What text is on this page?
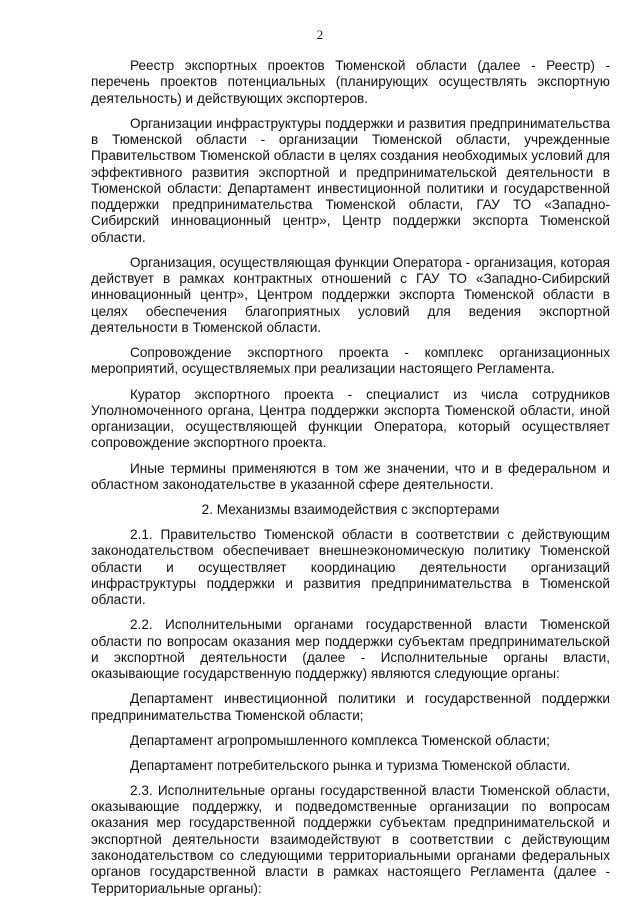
2

Реестр экспортных проектов Тюменской области (далее - Реестр) - перечень проектов потенциальных (планирующих осуществлять экспортную деятельность) и действующих экспортеров.

Организации инфраструктуры поддержки и развития предпринимательства в Тюменской области - организации Тюменской области, учрежденные Правительством Тюменской области в целях создания необходимых условий для эффективного развития экспортной и предпринимательской деятельности в Тюменской области: Департамент инвестиционной политики и государственной поддержки предпринимательства Тюменской области, ГАУ ТО «Западно-Сибирский инновационный центр», Центр поддержки экспорта Тюменской области.

Организация, осуществляющая функции Оператора - организация, которая действует в рамках контрактных отношений с ГАУ ТО «Западно-Сибирский инновационный центр», Центром поддержки экспорта Тюменской области в целях обеспечения благоприятных условий для ведения экспортной деятельности в Тюменской области.

Сопровождение экспортного проекта - комплекс организационных мероприятий, осуществляемых при реализации настоящего Регламента.

Куратор экспортного проекта - специалист из числа сотрудников Уполномоченного органа, Центра поддержки экспорта Тюменской области, иной организации, осуществляющей функции Оператора, который осуществляет сопровождение экспортного проекта.

Иные термины применяются в том же значении, что и в федеральном и областном законодательстве в указанной сфере деятельности.

2. Механизмы взаимодействия с экспортерами

2.1. Правительство Тюменской области в соответствии с действующим законодательством обеспечивает внешнеэкономическую политику Тюменской области и осуществляет координацию деятельности организаций инфраструктуры поддержки и развития предпринимательства в Тюменской области.

2.2. Исполнительными органами государственной власти Тюменской области по вопросам оказания мер поддержки субъектам предпринимательской и экспортной деятельности (далее - Исполнительные органы власти, оказывающие государственную поддержку) являются следующие органы:

Департамент инвестиционной политики и государственной поддержки предпринимательства Тюменской области;

Департамент агропромышленного комплекса Тюменской области;

Департамент потребительского рынка и туризма Тюменской области.

2.3. Исполнительные органы государственной власти Тюменской области, оказывающие поддержку, и подведомственные организации по вопросам оказания мер государственной поддержки субъектам предпринимательской и экспортной деятельности взаимодействуют в соответствии с действующим законодательством со следующими территориальными органами федеральных органов государственной власти в рамках настоящего Регламента (далее - Территориальные органы):
